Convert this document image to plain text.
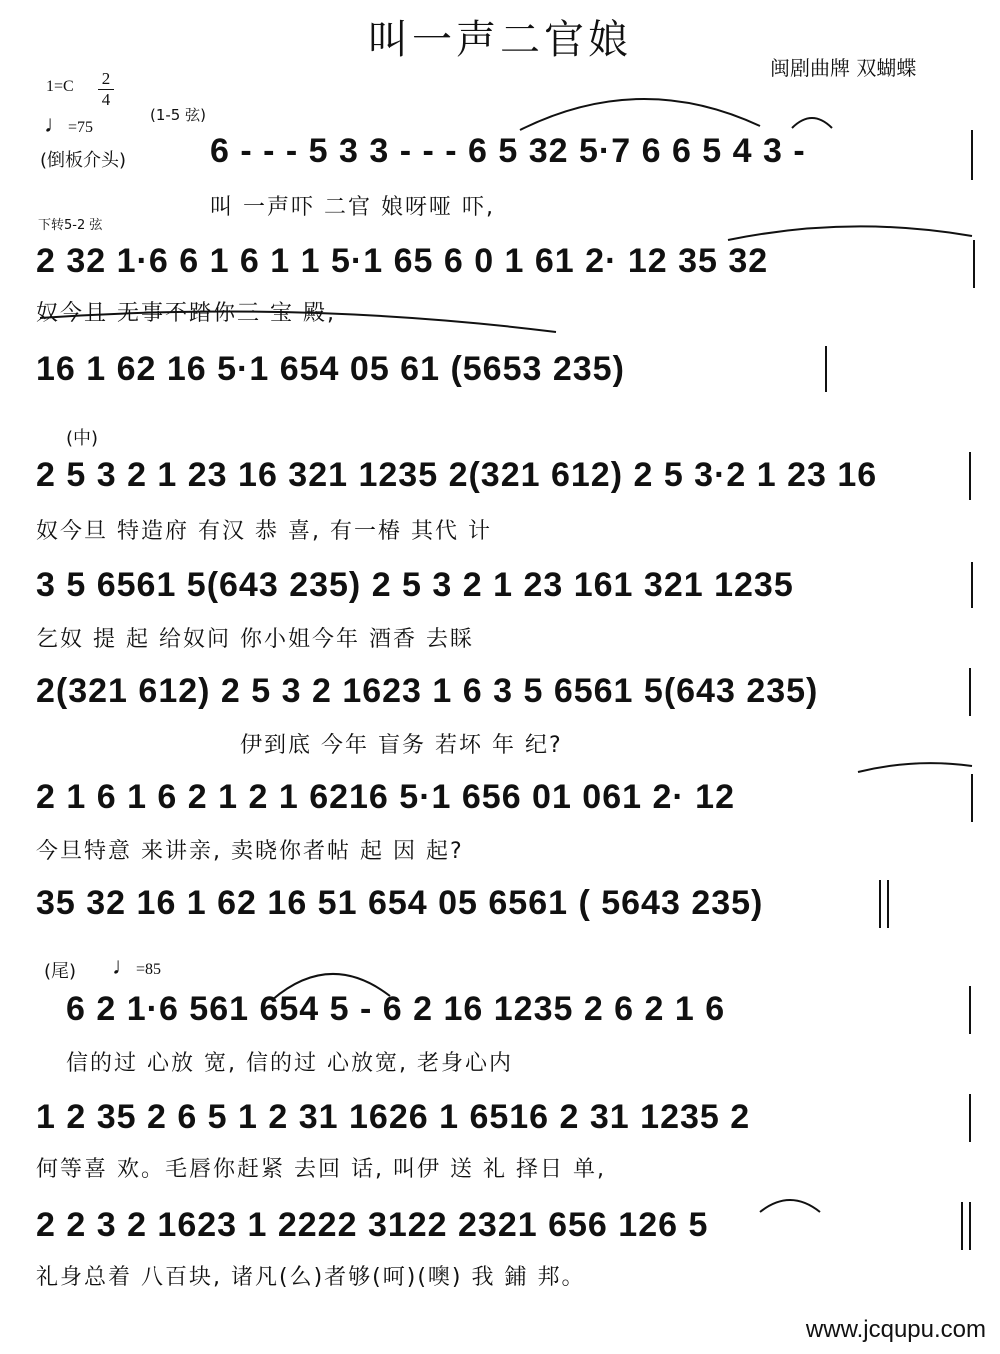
叫一声二官娘
闽剧曲牌 双蝴蝶
1=C 2
4
♩=75
(1-5 弦)
(倒板介头)
下转5-2 弦
(中)
(尾) ♩=85
6 - - - 5 3 3 - - - 6 5 32 5·7 6 6 5 4 3 -
叫 一声吓 二官 娘呀哑 吓,
2 32 1·6 6 1 6 1 1 5·1 65 6 0 1 61 2· 12 35 32
奴今且 无事不踏你三 宝 殿,
16 1 62 16 5·1 654 05 61 (5653 235)
2 5 3 2 1 23 16 321 1235 2(321 612) 2 5 3·2 1 23 16
奴今旦 特造府 有汉 恭 喜, 有一椿 其代 计
3 5 6561 5(643 235) 2 5 3 2 1 23 161 321 1235
乞奴 提 起 给奴问 你小姐今年 酒香 去睬
2(321 612) 2 5 3 2 1623 1 6 3 5 6561 5(643 235)
伊到底 今年 盲务 若坏 年 纪?
2 1 6 1 6 2 1 2 1 6216 5·1 656 01 061 2· 12
今旦特意 来讲亲, 卖晓你者帖 起 因 起?
35 32 16 1 62 16 51 654 05 6561 ( 5643 235)
6 2 1·6 561 654 5 - 6 2 16 1235 2 6 2 1 6
信的过 心放 宽, 信的过 心放宽, 老身心内
1 2 35 2 6 5 1 2 31 1626 1 6516 2 31 1235 2
何等喜 欢。毛唇你赶紧 去回 话, 叫伊 送 礼 择日 单,
2 2 3 2 1623 1 2222 3122 2321 656 126 5
礼身总着 八百块, 诸凡(么)者够(呵)(噢) 我 鋪 邦。
www.jcqupu.com
